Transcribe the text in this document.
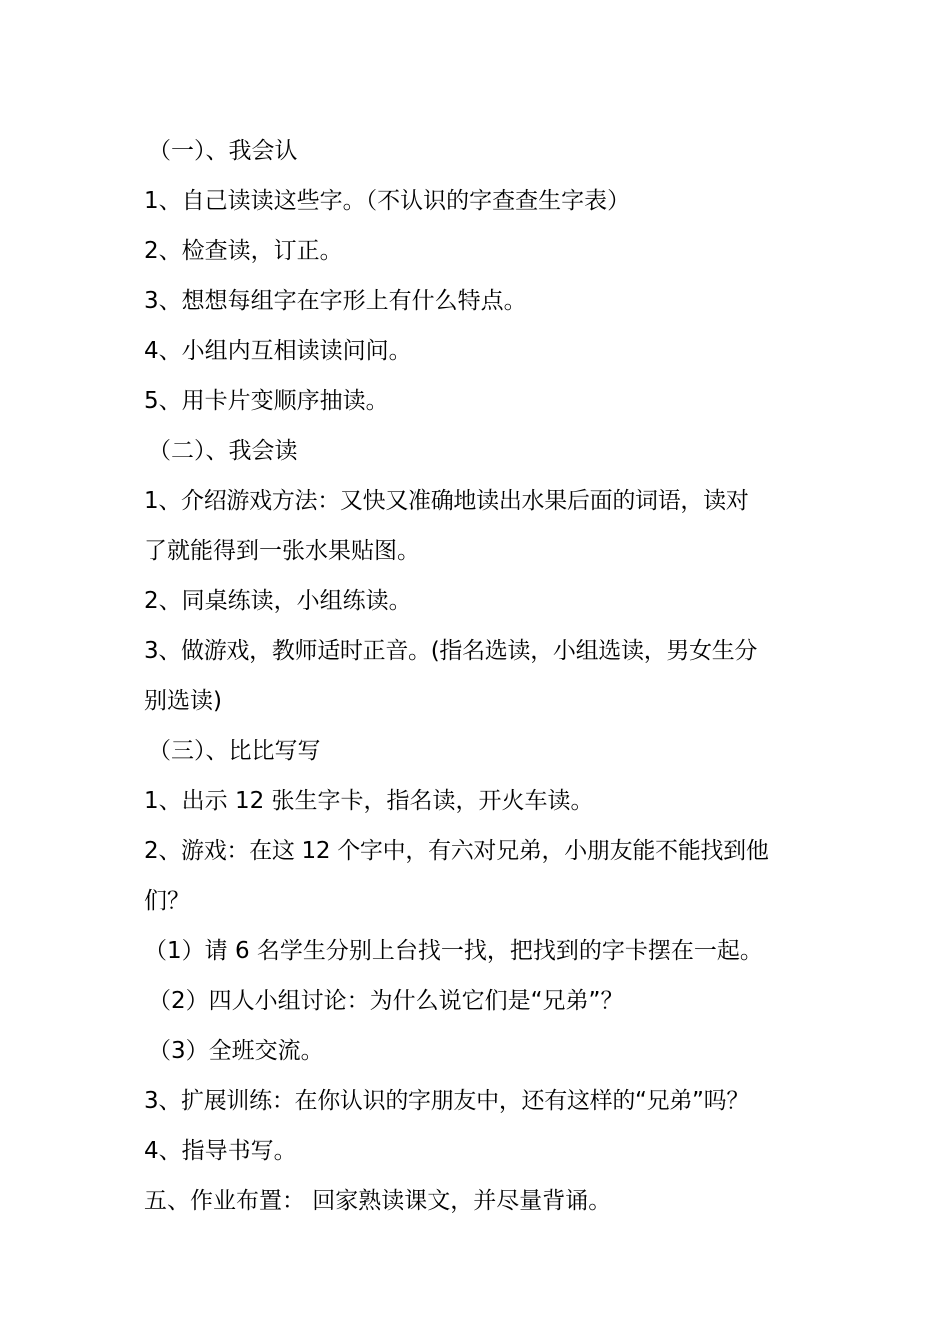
（一）、我会认
1、自己读读这些字。（不认识的字查查生字表）
2、检查读，订正。
3、想想每组字在字形上有什么特点。
4、小组内互相读读问问。
5、用卡片变顺序抽读。
（二）、我会读
1、介绍游戏方法：又快又准确地读出水果后面的词语，读对
了就能得到一张水果贴图。
2、同桌练读，小组练读。
3、做游戏，教师适时正音。(指名选读，小组选读，男女生分
别选读)
（三）、比比写写
1、出示 12 张生字卡，指名读，开火车读。
2、游戏：在这 12 个字中，有六对兄弟，小朋友能不能找到他
们？
（1）请 6 名学生分别上台找一找，把找到的字卡摆在一起。
（2）四人小组讨论：为什么说它们是“兄弟”？
（3）全班交流。
3、扩展训练：在你认识的字朋友中，还有这样的“兄弟”吗？
4、指导书写。
五、作业布置： 回家熟读课文，并尽量背诵。
